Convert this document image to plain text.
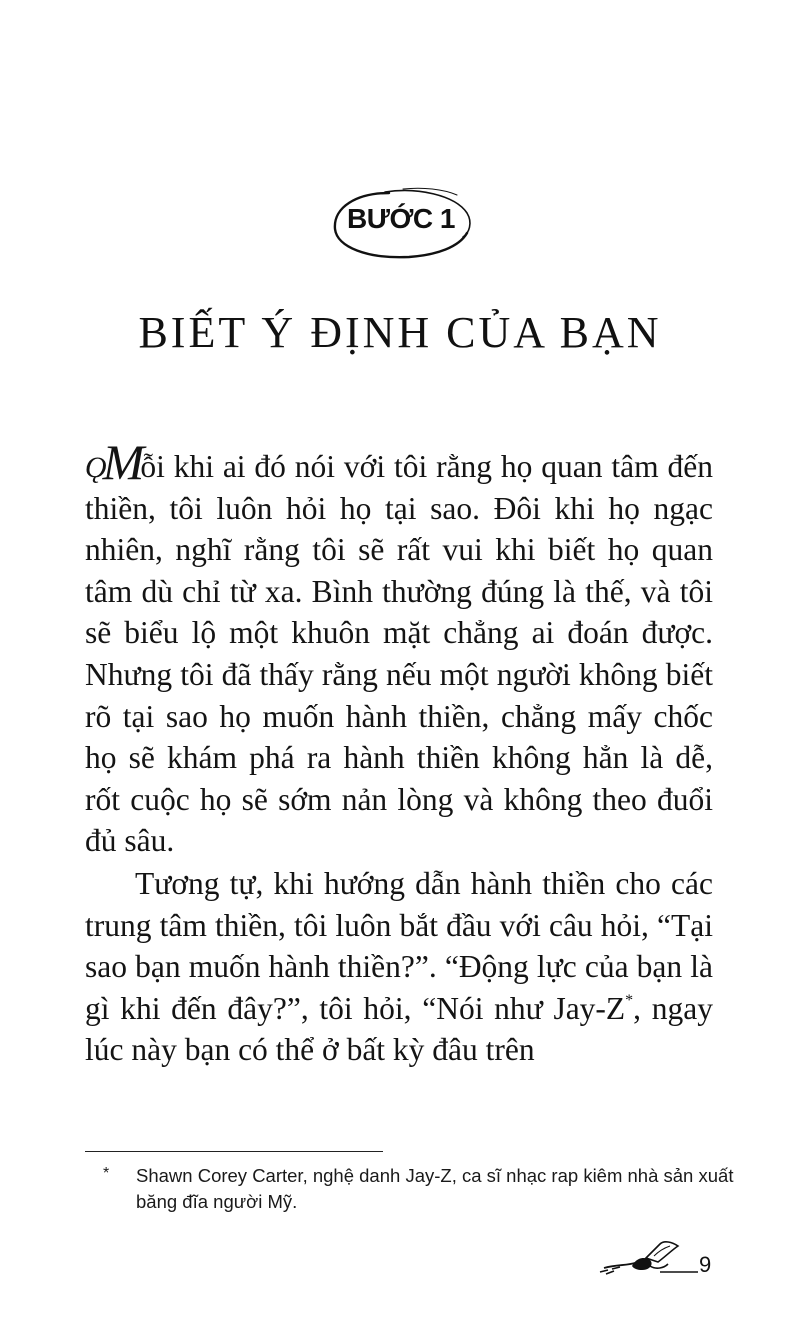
BƯỚC 1
BIẾT Ý ĐỊNH CỦA BẠN

ǪMỗi khi ai đó nói với tôi rằng họ quan tâm đến thiền, tôi luôn hỏi họ tại sao. Đôi khi họ ngạc nhiên, nghĩ rằng tôi sẽ rất vui khi biết họ quan tâm dù chỉ từ xa. Bình thường đúng là thế, và tôi sẽ biểu lộ một khuôn mặt chẳng ai đoán được. Nhưng tôi đã thấy rằng nếu một người không biết rõ tại sao họ muốn hành thiền, chẳng mấy chốc họ sẽ khám phá ra hành thiền không hẳn là dễ, rốt cuộc họ sẽ sớm nản lòng và không theo đuổi đủ sâu.

Tương tự, khi hướng dẫn hành thiền cho các trung tâm thiền, tôi luôn bắt đầu với câu hỏi, “Tại sao bạn muốn hành thiền?”. “Động lực của bạn là gì khi đến đây?”, tôi hỏi, “Nói như Jay-Z*, ngay lúc này bạn có thể ở bất kỳ đâu trên

*	Shawn Corey Carter, nghệ danh Jay-Z, ca sĩ nhạc rap kiêm nhà sản xuất băng đĩa người Mỹ.
9
